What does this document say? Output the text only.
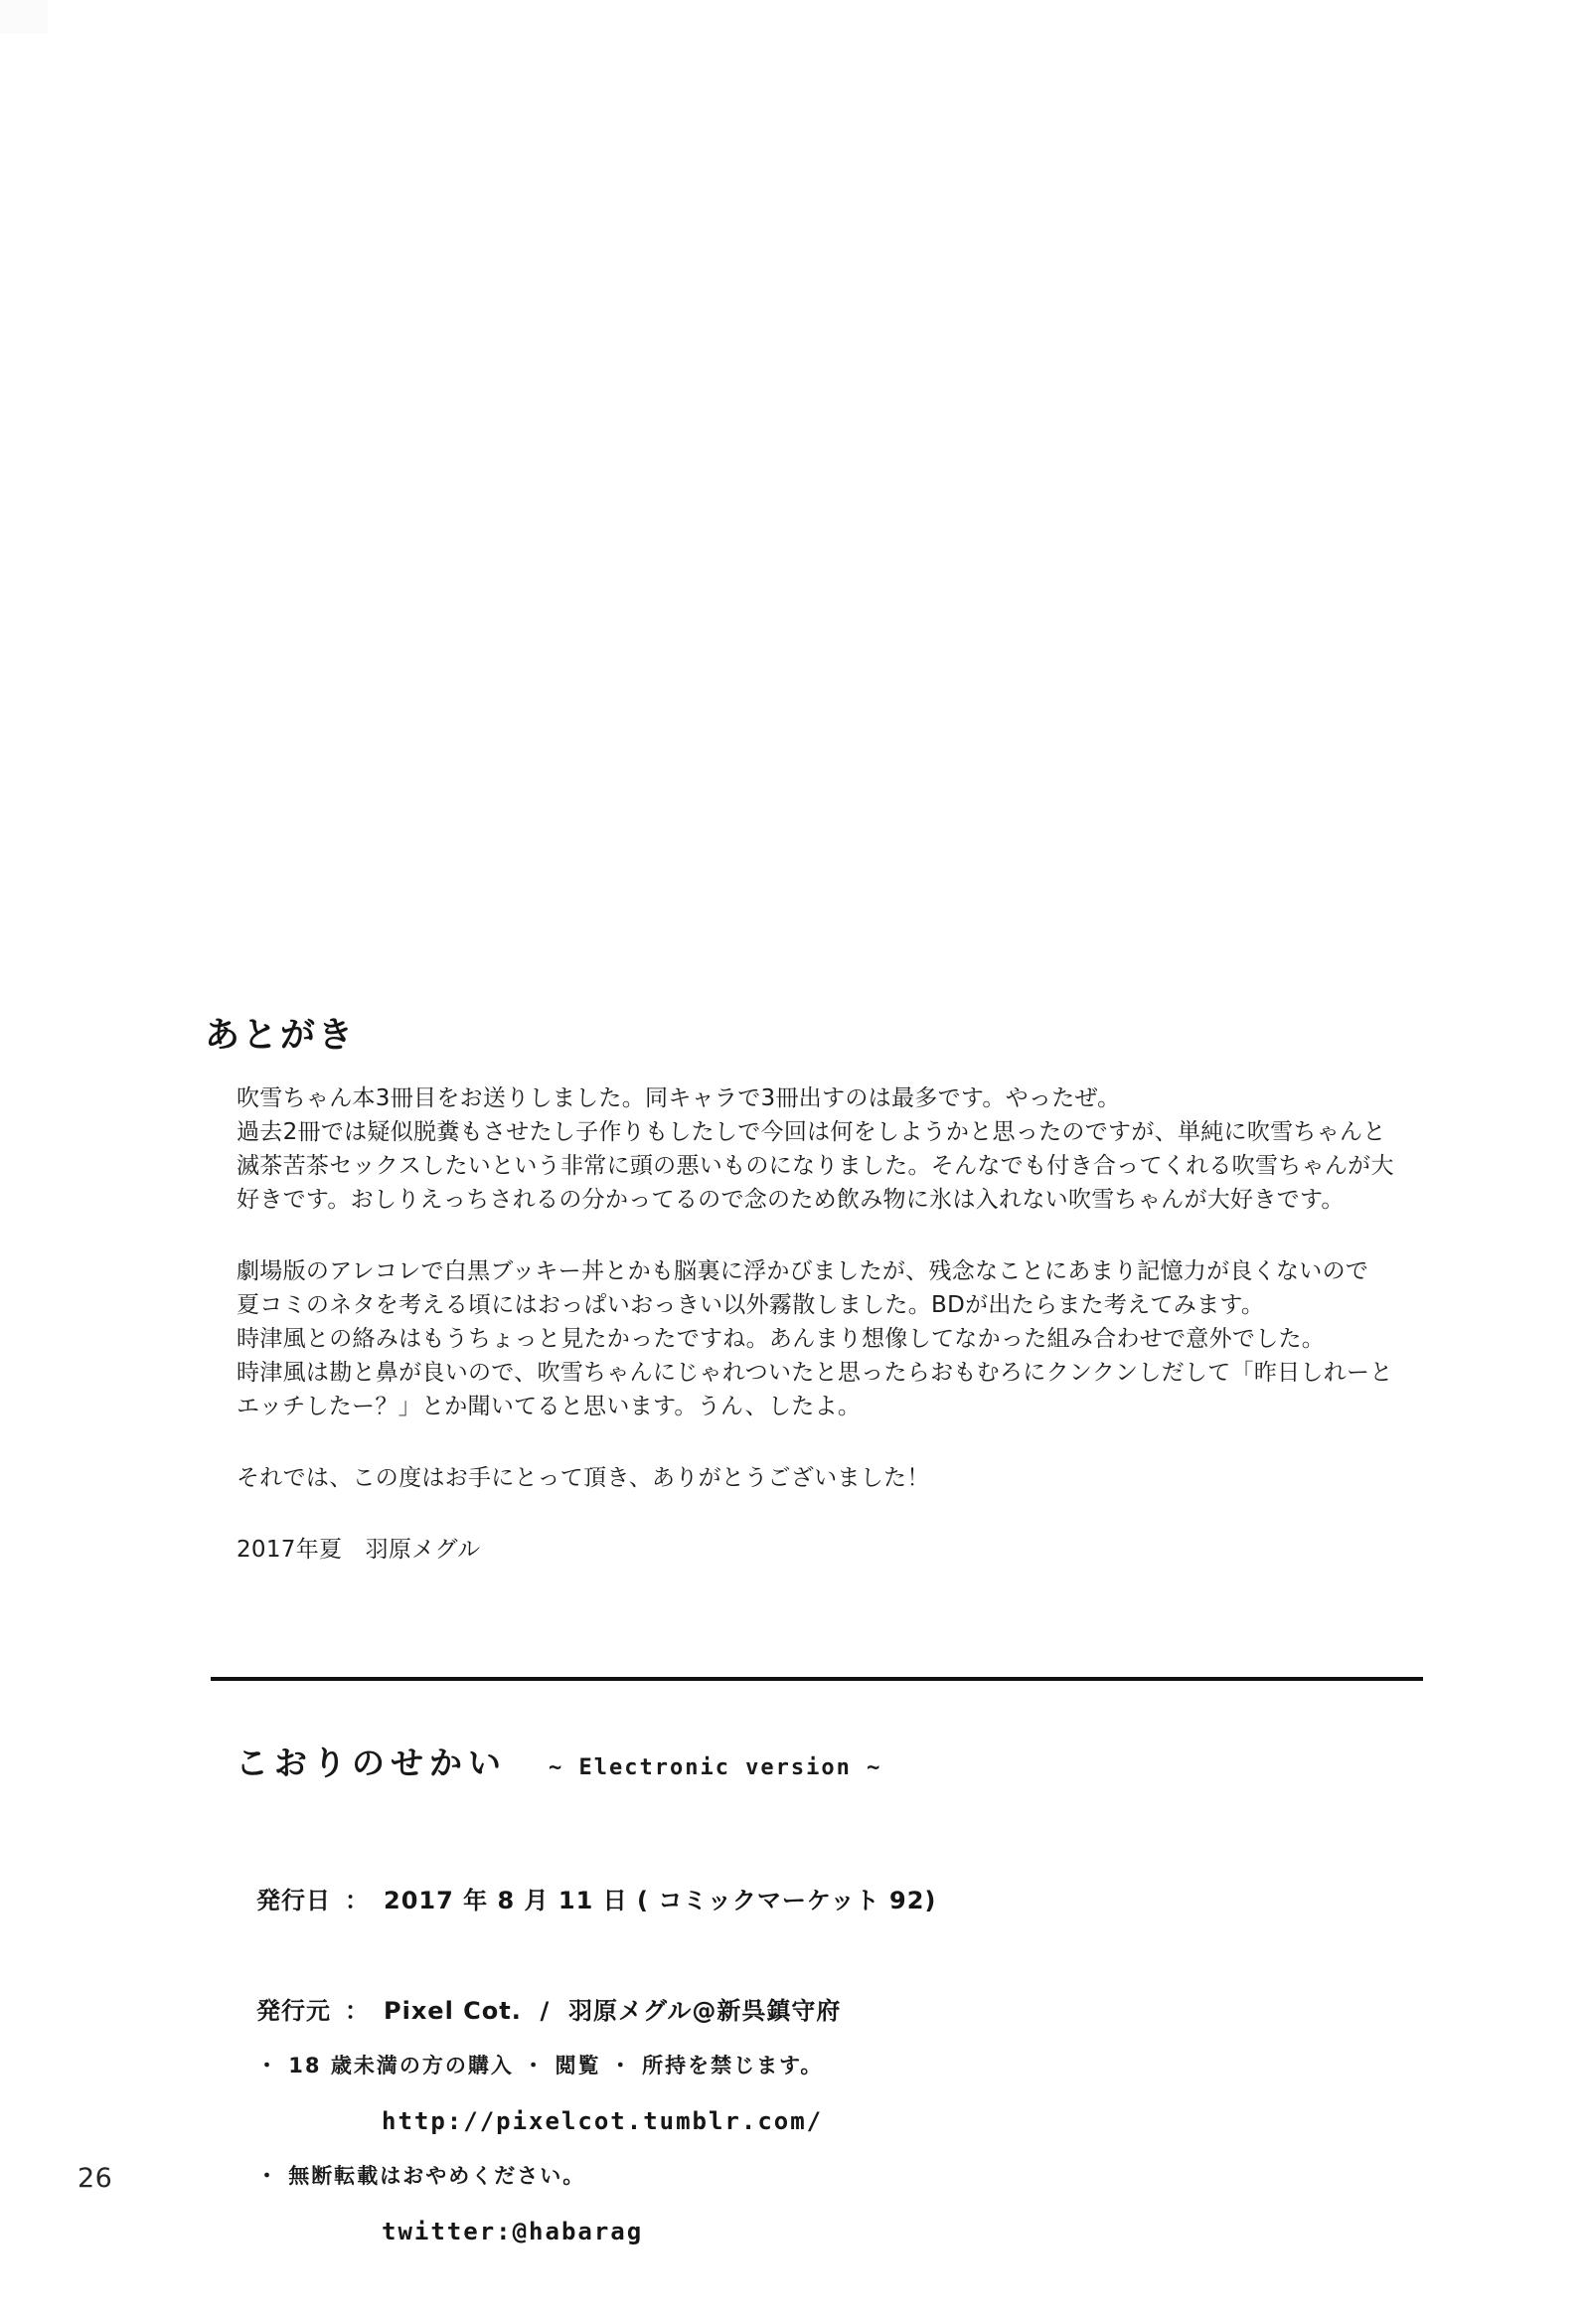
あとがき

吹雪ちゃん本3冊目をお送りしました。同キャラで3冊出すのは最多です。やったぜ。
過去2冊では疑似脱糞もさせたし子作りもしたしで今回は何をしようかと思ったのですが、単純に吹雪ちゃんと
滅茶苦茶セックスしたいという非常に頭の悪いものになりました。そんなでも付き合ってくれる吹雪ちゃんが大
好きです。おしりえっちされるの分かってるので念のため飲み物に氷は入れない吹雪ちゃんが大好きです。

劇場版のアレコレで白黒ブッキー丼とかも脳裏に浮かびましたが、残念なことにあまり記憶力が良くないので
夏コミのネタを考える頃にはおっぱいおっきい以外霧散しました。BDが出たらまた考えてみます。
時津風との絡みはもうちょっと見たかったですね。あんまり想像してなかった組み合わせで意外でした。
時津風は勘と鼻が良いので、吹雪ちゃんにじゃれついたと思ったらおもむろにクンクンしだして「昨日しれーと
エッチしたー？」とか聞いてると思います。うん、したよ。

それでは、この度はお手にとって頂き、ありがとうございました！

2017年夏　羽原メグル

こおりのせかい ~ Electronic version ~

発行日 ： 2017 年 8 月 11 日 ( コミックマーケット 92)

発行元 ： Pixel Cot.  /  羽原メグル@新呉鎮守府

http://pixelcot.tumblr.com/

twitter:@habarag

・ 18 歳未満の方の購入 ・ 閲覧 ・ 所持を禁じます。

・ 無断転載はおやめください。

26
